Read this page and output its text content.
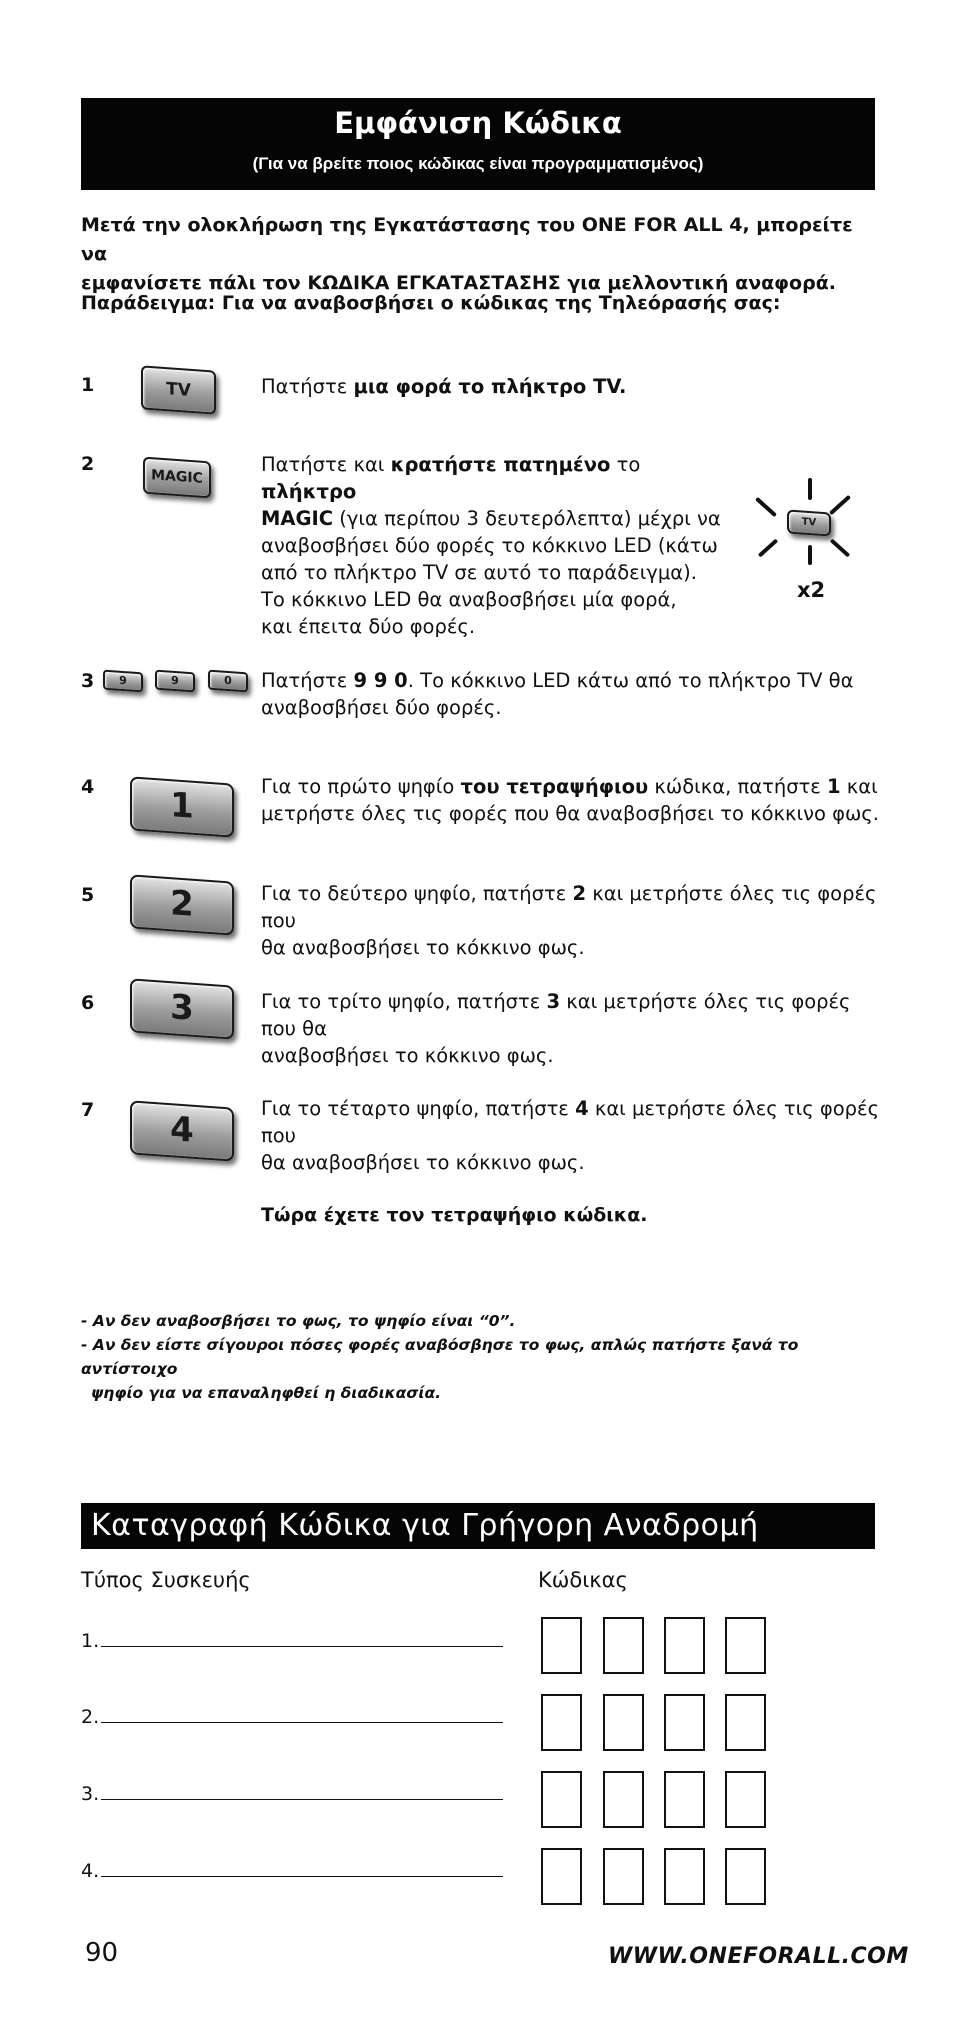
Εμφάνιση Κώδικα
(Για να βρείτε ποιος κώδικας είναι προγραμματισμένος)
Μετά την ολοκλήρωση της Εγκατάστασης του ONE FOR ALL 4, μπορείτε να
εμφανίσετε πάλι τον ΚΩΔΙΚΑ ΕΓΚΑΤΑΣΤΑΣΗΣ για μελλοντική αναφορά.
Παράδειγμα: Για να αναβοσβήσει ο κώδικας της Τηλεόρασής σας:
1	TV	Πατήστε μια φορά το πλήκτρο TV.
2
MAGIC
Πατήστε και κρατήστε πατημένο το πλήκτρο
MAGIC (για περίπου 3 δευτερόλεπτα) μέχρι να
αναβοσβήσει δύο φορές το κόκκινο LED (κάτω
από το πλήκτρο TV σε αυτό το παράδειγμα).
Το κόκκινο LED θα αναβοσβήσει μία φορά,
και έπειτα δύο φορές.
TV
x2
3	9	9	0	Πατήστε 9 9 0. Το κόκκινο LED κάτω από το πλήκτρο TV θα
αναβοσβήσει δύο φορές.
4	1	Για το πρώτο ψηφίο του τετραψήφιου κώδικα, πατήστε 1 και
μετρήστε όλες τις φορές που θα αναβοσβήσει το κόκκινο φως.
5	2	Για το δεύτερο ψηφίο, πατήστε 2 και μετρήστε όλες τις φορές που
θα αναβοσβήσει το κόκκινο φως.
6	3	Για το τρίτο ψηφίο, πατήστε 3 και μετρήστε όλες τις φορές που θα
αναβοσβήσει το κόκκινο φως.
7	4
Για το τέταρτο ψηφίο, πατήστε 4 και μετρήστε όλες τις φορές που
θα αναβοσβήσει το κόκκινο φως.
Τώρα έχετε τον τετραψήφιο κώδικα.
- Αν δεν αναβοσβήσει το φως, το ψηφίο είναι “0”.
- Αν δεν είστε σίγουροι πόσες φορές αναβόσβησε το φως, απλώς πατήστε ξανά το αντίστοιχο
ψηφίο για να επαναληφθεί η διαδικασία.
Καταγραφή Κώδικα για Γρήγορη Αναδρομή
Τύπος Συσκευής	Κώδικας
1.
2.
3.
4.
90	WWW.ONEFORALL.COM
